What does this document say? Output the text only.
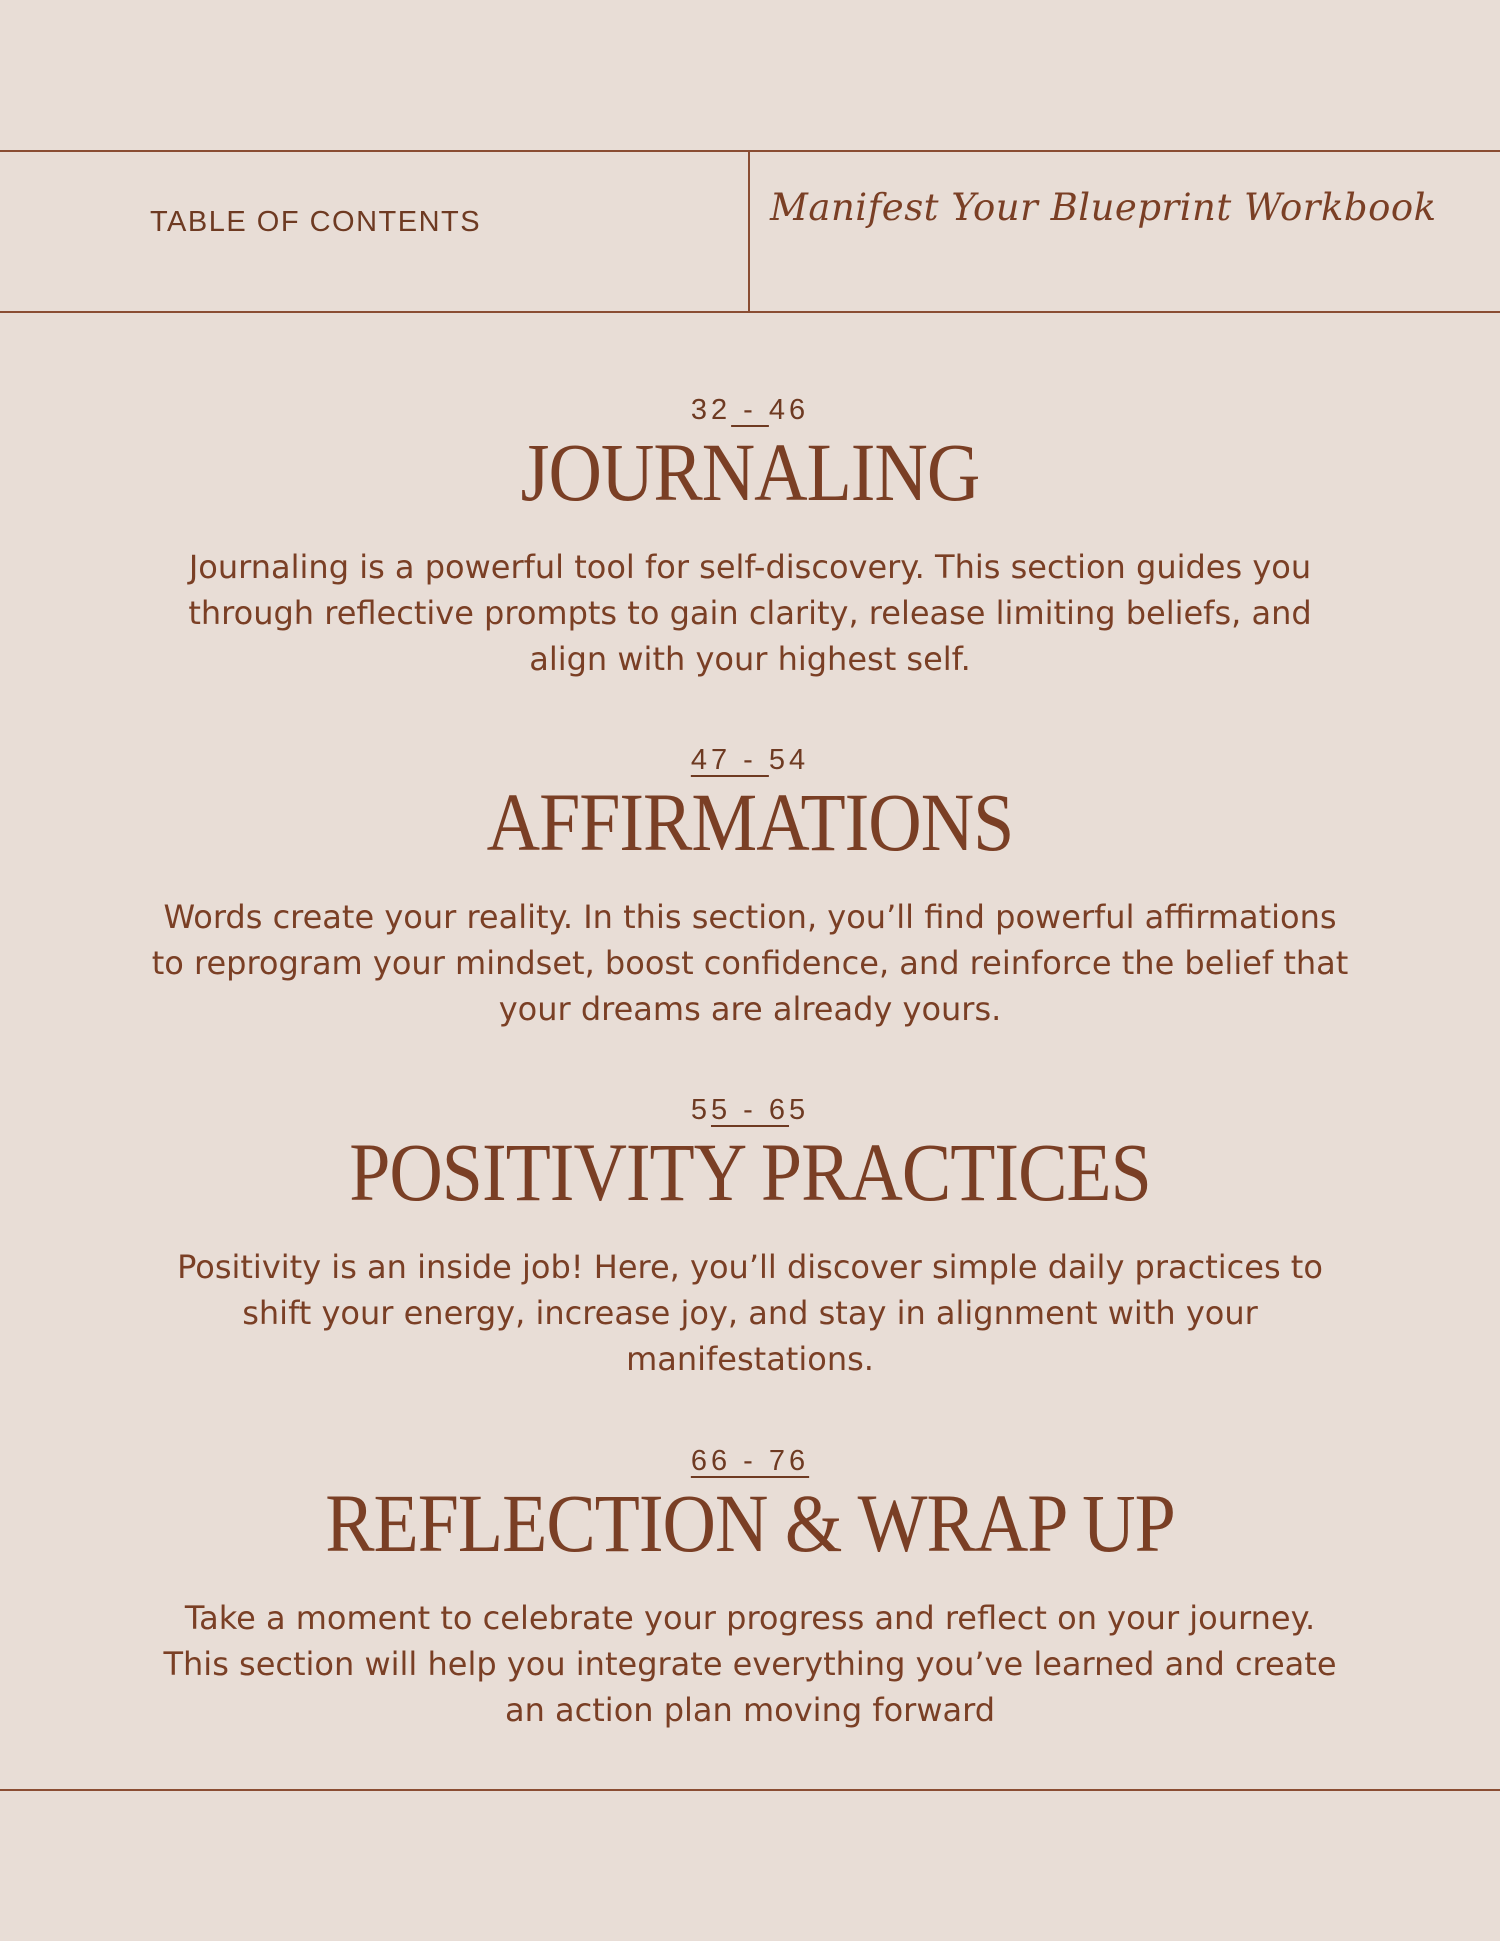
TABLE OF CONTENTS	Manifest Your Blueprint Workbook
32 - 46
JOURNALING
Journaling is a powerful tool for self-discovery. This section guides you through reflective prompts to gain clarity, release limiting beliefs, and align with your highest self.
47 - 54
AFFIRMATIONS
Words create your reality. In this section, you’ll find powerful affirmations to reprogram your mindset, boost confidence, and reinforce the belief that your dreams are already yours.
55 - 65
POSITIVITY PRACTICES
Positivity is an inside job! Here, you’ll discover simple daily practices to shift your energy, increase joy, and stay in alignment with your manifestations.
66 - 76
REFLECTION & WRAP UP
Take a moment to celebrate your progress and reflect on your journey. This section will help you integrate everything you’ve learned and create an action plan moving forward
